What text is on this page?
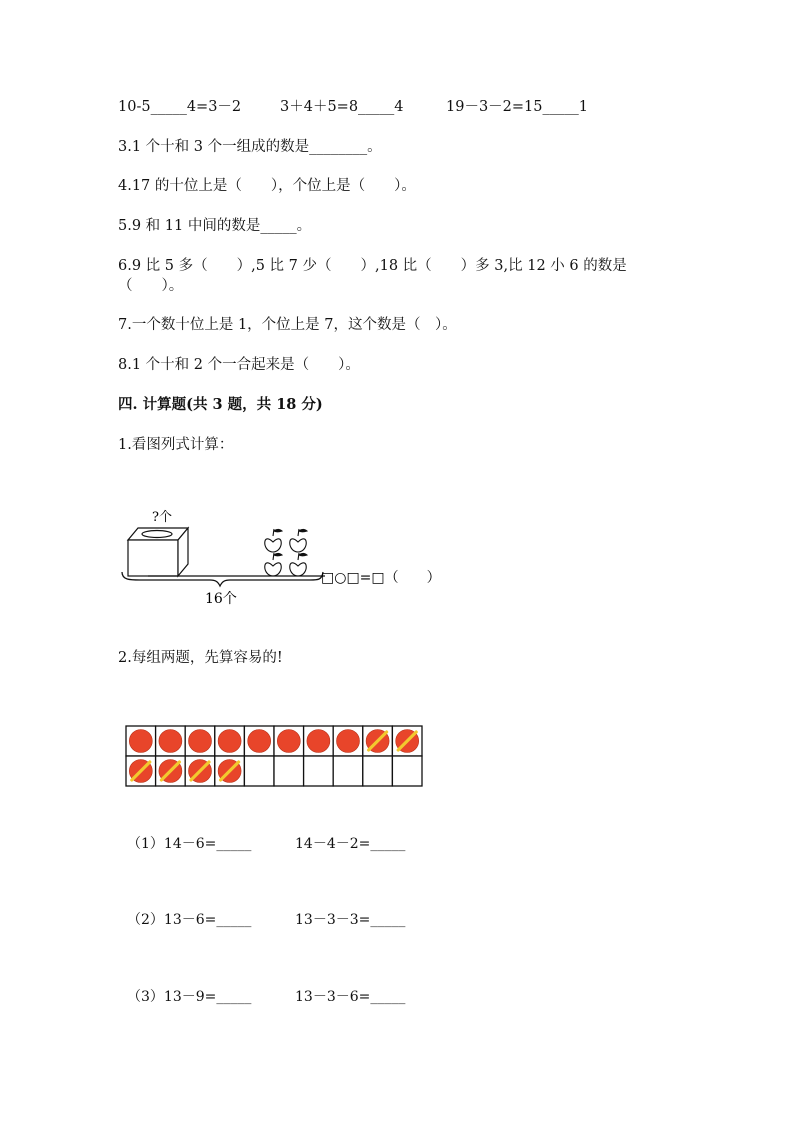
10-5_____4=3－2	3＋4＋5=8_____4	19－3－2=15_____1
3.1 个十和 3 个一组成的数是________。
4.17 的十位上是（　　），个位上是（　　）。
5.9 和 11 中间的数是_____。
6.9 比 5 多（　　）,5 比 7 少（　　）,18 比（　　）多 3,比 12 小 6 的数是
（　　）。
7.一个数十位上是 1，个位上是 7，这个数是（　）。
8.1 个十和 2 个一合起来是（　　）。
四. 计算题(共 3 题，共 18 分)
1.看图列式计算：
?个
16个
□○□=□（　　）
2.每组两题，先算容易的!
（1）14－6=_____	14－4－2=_____
（2）13－6=_____	13－3－3=_____
（3）13－9=_____	13－3－6=_____
